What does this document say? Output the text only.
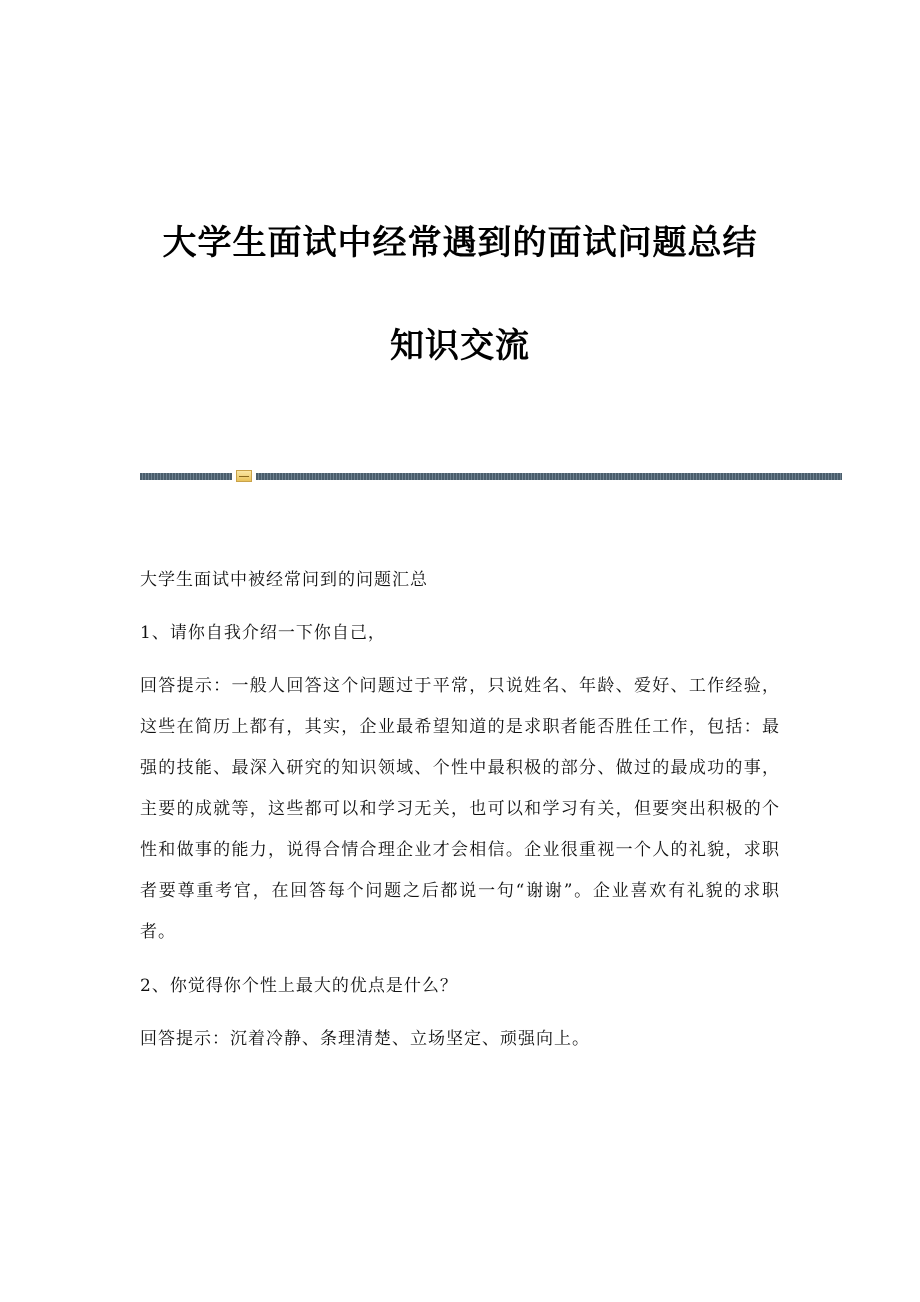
大学生面试中经常遇到的面试问题总结
知识交流

大学生面试中被经常问到的问题汇总

1、请你自我介绍一下你自己，

回答提示：一般人回答这个问题过于平常，只说姓名、年龄、爱好、工作经验，这些在简历上都有，其实，企业最希望知道的是求职者能否胜任工作，包括：最强的技能、最深入研究的知识领域、个性中最积极的部分、做过的最成功的事，主要的成就等，这些都可以和学习无关，也可以和学习有关，但要突出积极的个性和做事的能力，说得合情合理企业才会相信。企业很重视一个人的礼貌，求职者要尊重考官，在回答每个问题之后都说一句“谢谢”。企业喜欢有礼貌的求职者。

2、你觉得你个性上最大的优点是什么？

回答提示：沉着冷静、条理清楚、立场坚定、顽强向上。
